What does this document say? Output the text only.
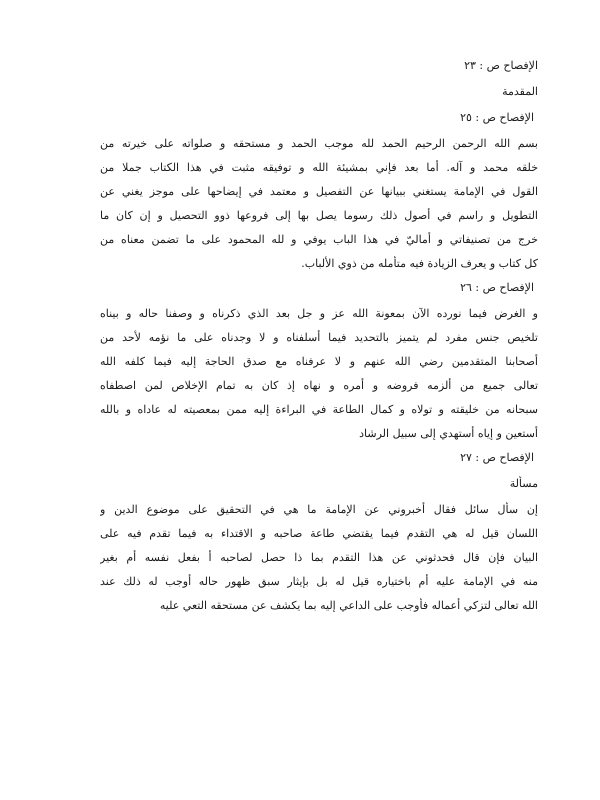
الإفصاح ص : ٢٣
المقدمة
الإفصاح ص : ٢٥
بسم الله الرحمن الرحيم الحمد لله موجب الحمد و مستحقه و صلواته على خيرته من
خلقه محمد و آله. أما بعد فإني بمشيئة الله و توفيقه مثبت في هذا الكتاب جملا من
القول في الإمامة يستغني ببيانها عن التفصيل و معتمد في إيضاحها على موجز يغني عن
التطويل و راسم في أصول ذلك رسوما يصل بها إلى فروعها ذوو التحصيل و إن كان ما
خرج من تصنيفاتي و أماليّ في هذا الباب يوفي و لله المحمود على ما تضمن معناه من
كل كتاب و يعرف الزيادة فيه متأمله من ذوي الألباب.
الإفصاح ص : ٢٦
و الغرض فيما نورده الآن بمعونة الله عز و جل بعد الذي ذكرناه و وصفنا حاله و بيناه
تلخيص جنس مفرد لم يتميز بالتحديد فيما أسلفناه و لا وجدناه على ما نؤمه لأحد من
أصحابنا المتقدمين رضي الله عنهم و لا عرفناه مع صدق الحاجة إليه فيما كلفه الله
تعالى جميع من ألزمه فروضه و أمره و نهاه إذ كان به تمام الإخلاص لمن اصطفاه
سبحانه من خليقته و تولاه و كمال الطاعة في البراءة إليه ممن بمعصيته له عاداه و بالله
أستعين و إياه أستهدي إلى سبيل الرشاد
الإفصاح ص : ٢٧
مسألة
إن سأل سائل فقال أخبروني عن الإمامة ما هي في التحقيق على موضوع الدين و
اللسان قيل له هي التقدم فيما يقتضي طاعة صاحبه و الاقتداء به فيما تقدم فيه على
البيان فإن قال فحدثوني عن هذا التقدم بما ذا حصل لصاحبه أ بفعل نفسه أم بغير
منه في الإمامة عليه أم باختياره قيل له بل بإيثار سبق ظهور حاله أوجب له ذلك عند
الله تعالى لتزكي أعماله فأوجب على الداعي إليه بما يكشف عن مستحقه التعي عليه
